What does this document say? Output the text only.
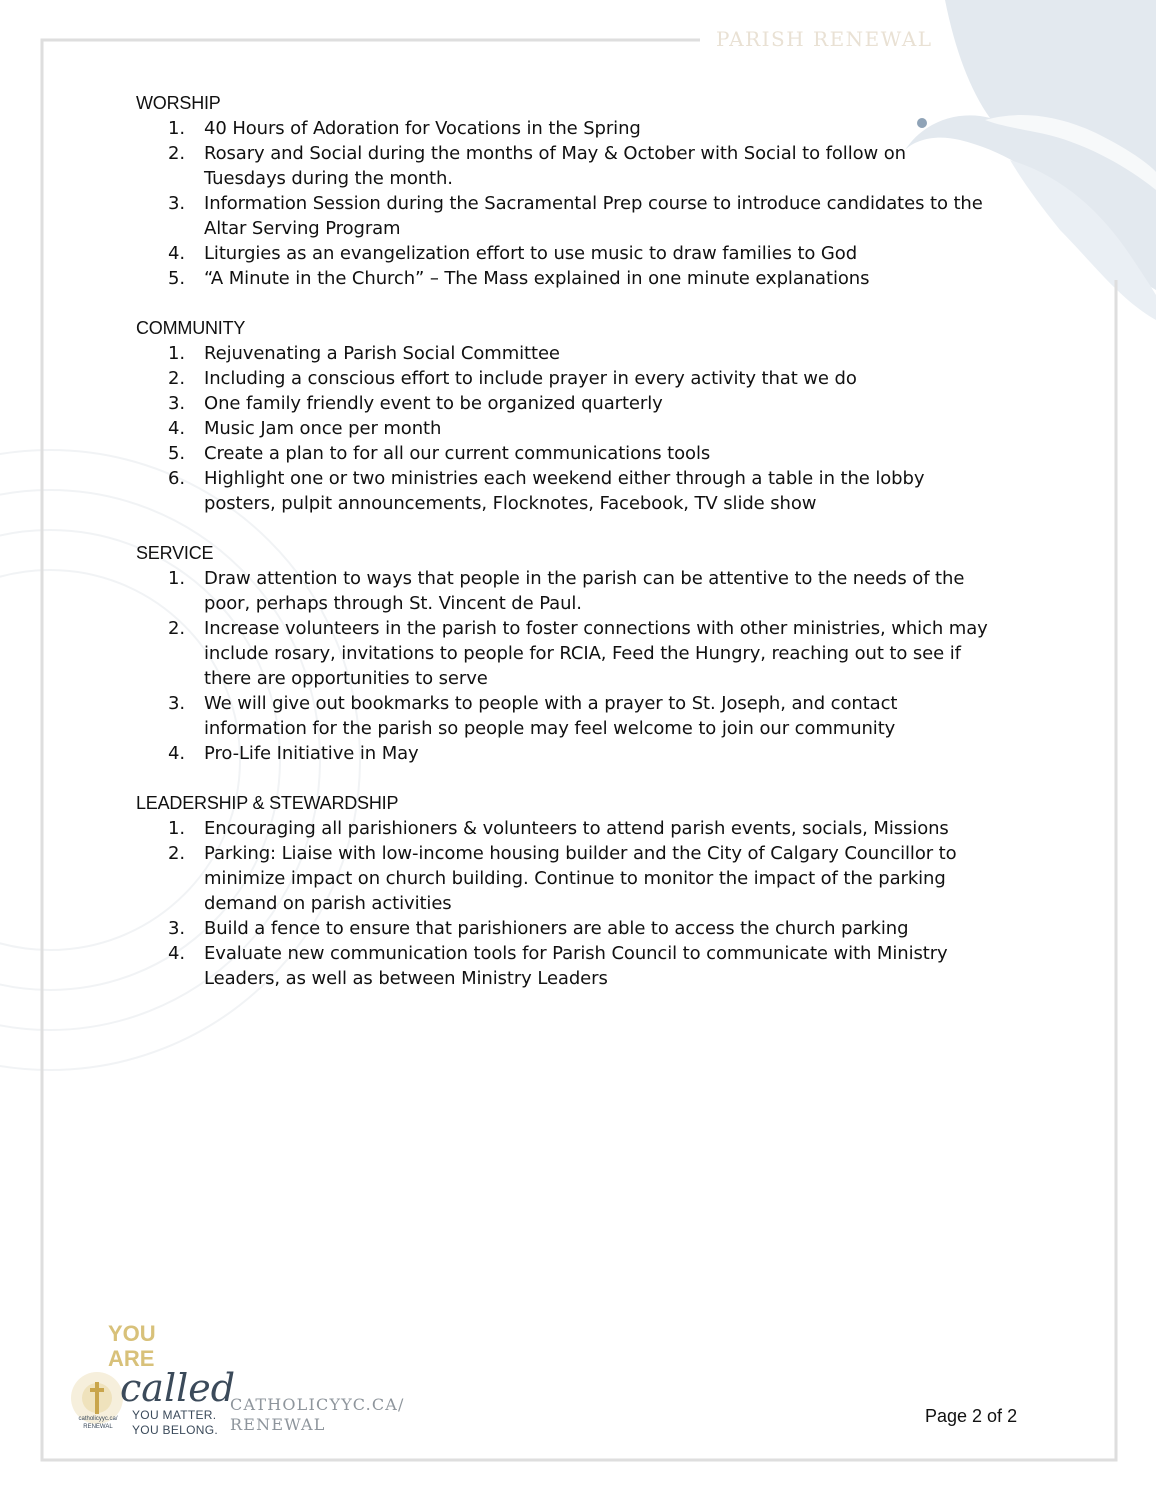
PARISH RENEWAL
WORSHIP
1. 40 Hours of Adoration for Vocations in the Spring
2. Rosary and Social during the months of May & October with Social to follow on
Tuesdays during the month.
3. Information Session during the Sacramental Prep course to introduce candidates to the
Altar Serving Program
4. Liturgies as an evangelization effort to use music to draw families to God
5. “A Minute in the Church” – The Mass explained in one minute explanations
COMMUNITY
1. Rejuvenating a Parish Social Committee
2. Including a conscious effort to include prayer in every activity that we do
3. One family friendly event to be organized quarterly
4. Music Jam once per month
5. Create a plan to for all our current communications tools
6. Highlight one or two ministries each weekend either through a table in the lobby
posters, pulpit announcements, Flocknotes, Facebook, TV slide show
SERVICE
1. Draw attention to ways that people in the parish can be attentive to the needs of the
poor, perhaps through St. Vincent de Paul.
2. Increase volunteers in the parish to foster connections with other ministries, which may
include rosary, invitations to people for RCIA, Feed the Hungry, reaching out to see if
there are opportunities to serve
3. We will give out bookmarks to people with a prayer to St. Joseph, and contact
information for the parish so people may feel welcome to join our community
4. Pro-Life Initiative in May
LEADERSHIP & STEWARDSHIP
1. Encouraging all parishioners & volunteers to attend parish events, socials, Missions
2. Parking: Liaise with low-income housing builder and the City of Calgary Councillor to
minimize impact on church building. Continue to monitor the impact of the parking
demand on parish activities
3. Build a fence to ensure that parishioners are able to access the church parking
4. Evaluate new communication tools for Parish Council to communicate with Ministry
Leaders, as well as between Ministry Leaders
YOU
ARE
called
catholicyyc.ca/
RENEWAL
YOU MATTER.
YOU BELONG.
CATHOLICYYC.CA/
RENEWAL	Page 2 of 2
